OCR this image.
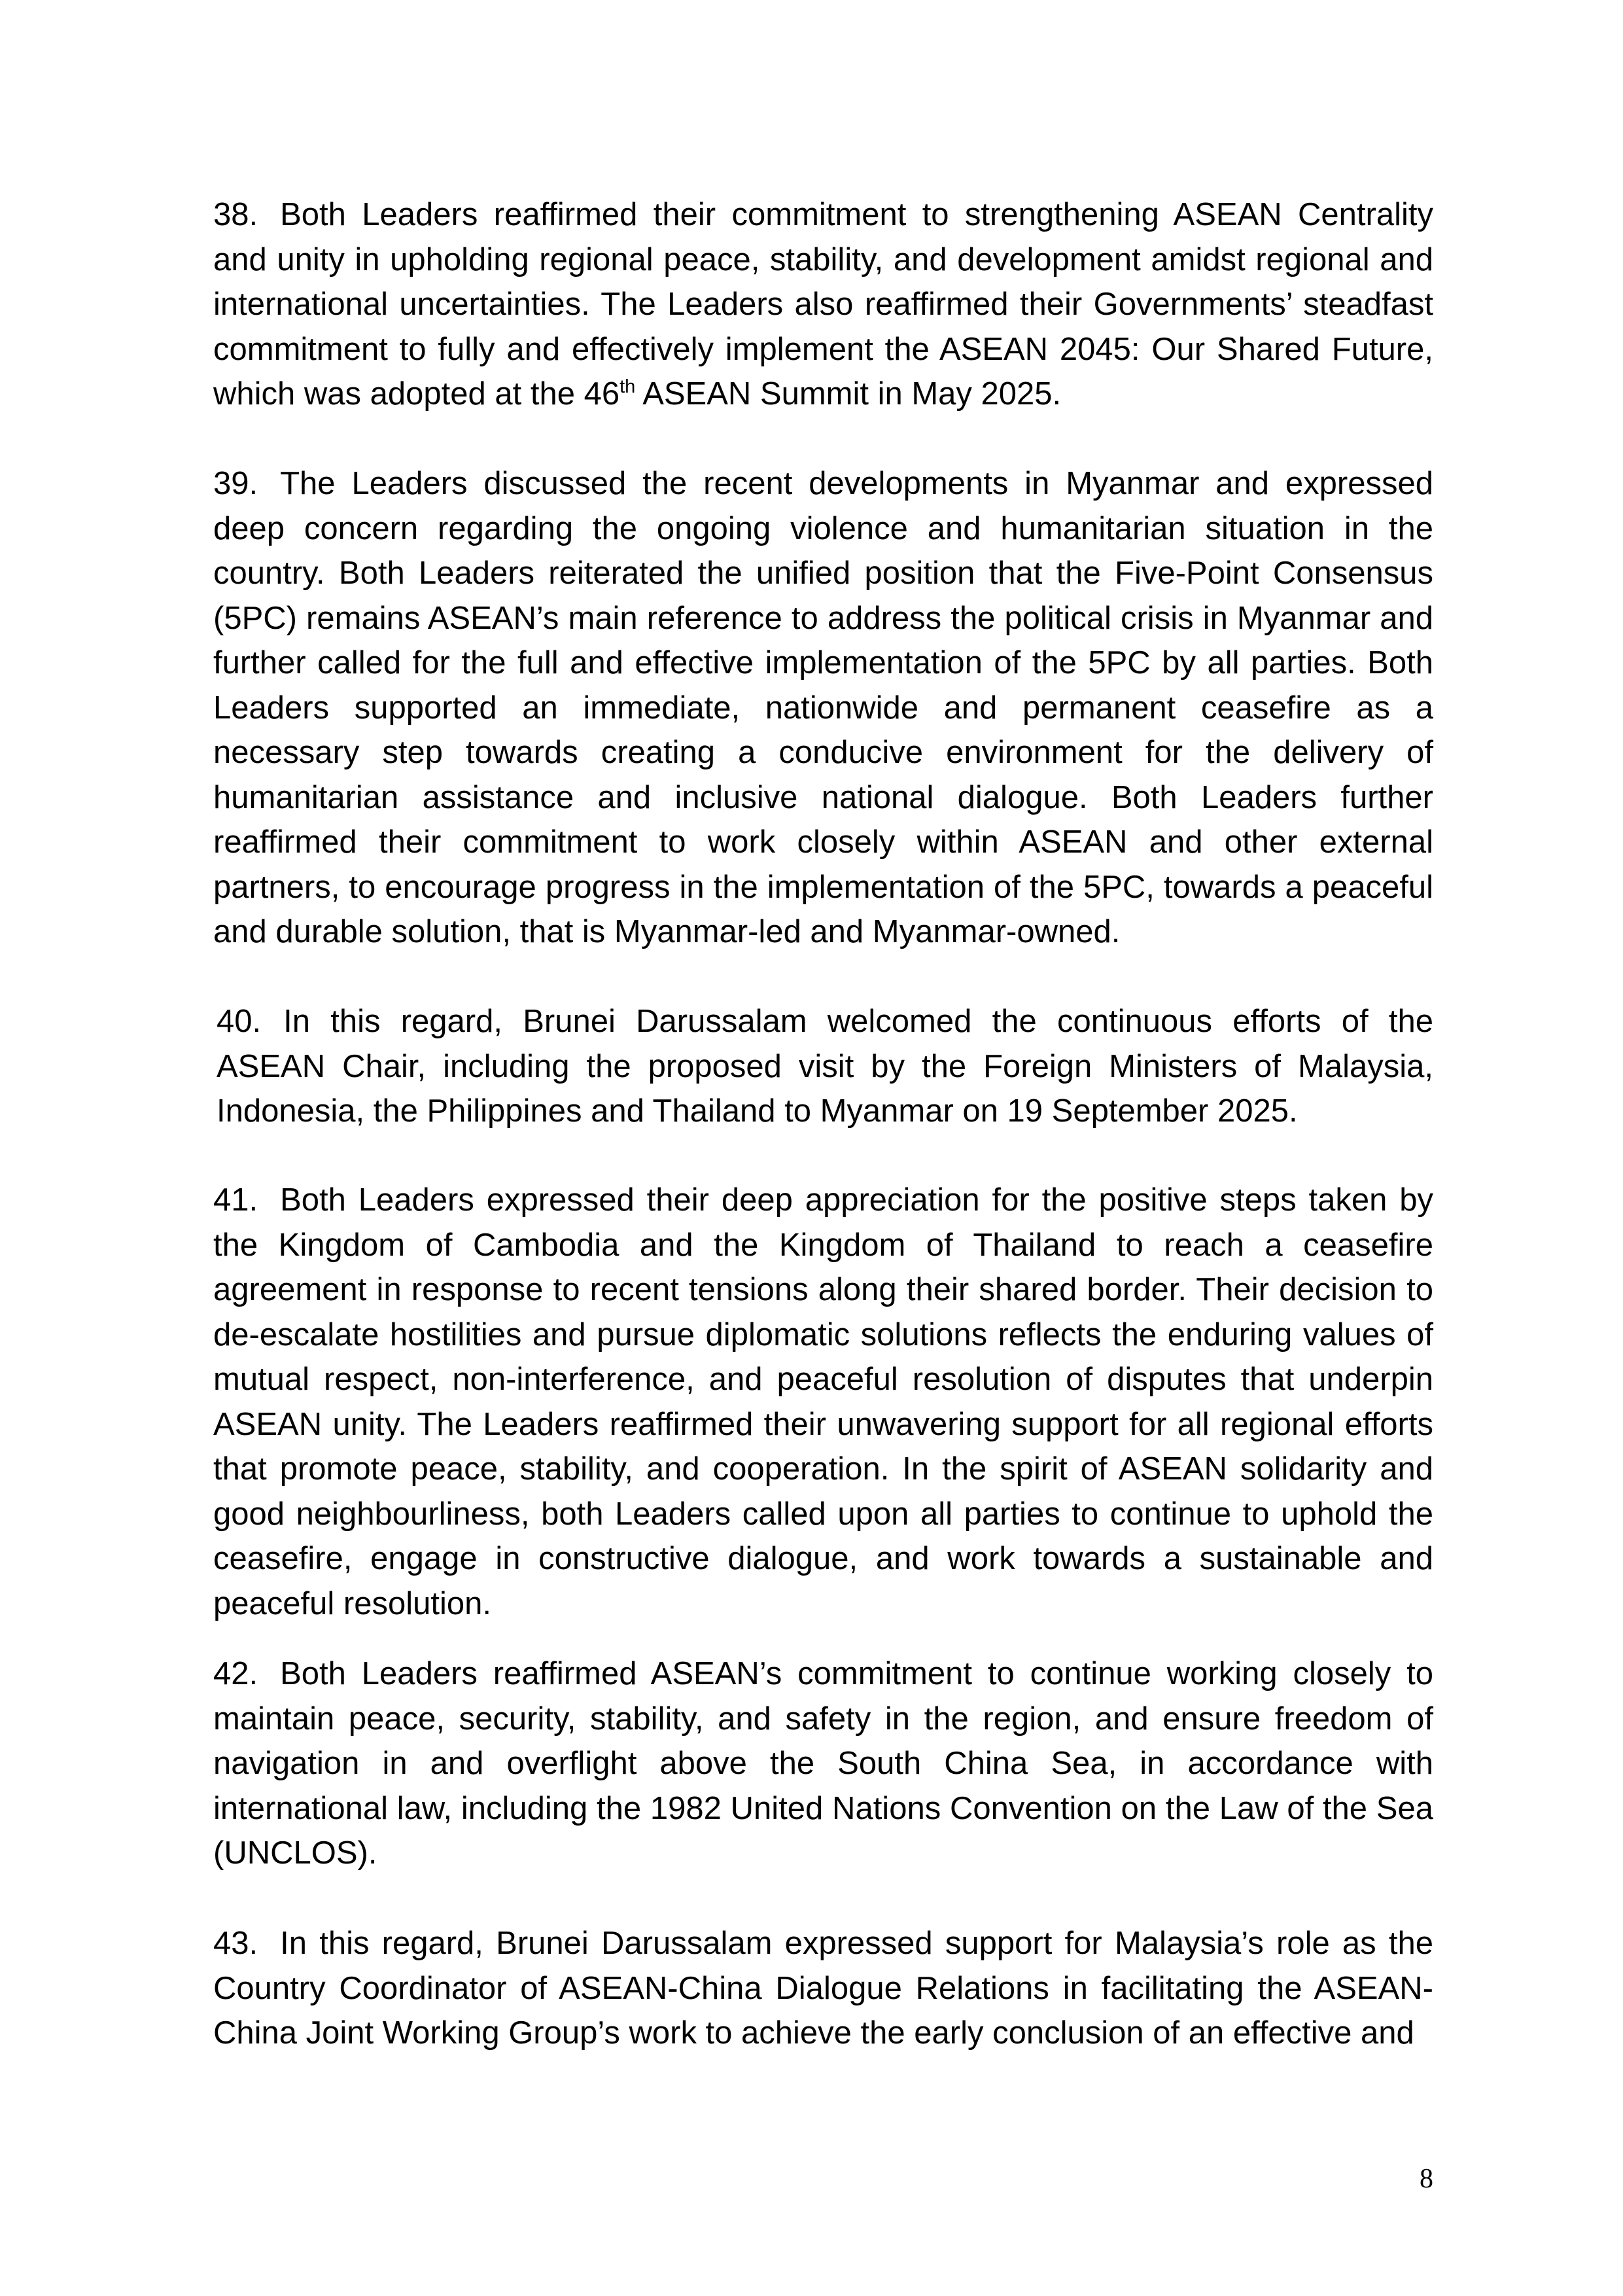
38. Both Leaders reaffirmed their commitment to strengthening ASEAN Centrality and unity in upholding regional peace, stability, and development amidst regional and international uncertainties. The Leaders also reaffirmed their Governments’ steadfast commitment to fully and effectively implement the ASEAN 2045: Our Shared Future, which was adopted at the 46th ASEAN Summit in May 2025.

39. The Leaders discussed the recent developments in Myanmar and expressed deep concern regarding the ongoing violence and humanitarian situation in the country. Both Leaders reiterated the unified position that the Five-Point Consensus (5PC) remains ASEAN’s main reference to address the political crisis in Myanmar and further called for the full and effective implementation of the 5PC by all parties. Both Leaders supported an immediate, nationwide and permanent ceasefire as a necessary step towards creating a conducive environment for the delivery of humanitarian assistance and inclusive national dialogue. Both Leaders further reaffirmed their commitment to work closely within ASEAN and other external partners, to encourage progress in the implementation of the 5PC, towards a peaceful and durable solution, that is Myanmar-led and Myanmar-owned.

40. In this regard, Brunei Darussalam welcomed the continuous efforts of the ASEAN Chair, including the proposed visit by the Foreign Ministers of Malaysia, Indonesia, the Philippines and Thailand to Myanmar on 19 September 2025.

41. Both Leaders expressed their deep appreciation for the positive steps taken by the Kingdom of Cambodia and the Kingdom of Thailand to reach a ceasefire agreement in response to recent tensions along their shared border. Their decision to de-escalate hostilities and pursue diplomatic solutions reflects the enduring values of mutual respect, non-interference, and peaceful resolution of disputes that underpin ASEAN unity. The Leaders reaffirmed their unwavering support for all regional efforts that promote peace, stability, and cooperation. In the spirit of ASEAN solidarity and good neighbourliness, both Leaders called upon all parties to continue to uphold the ceasefire, engage in constructive dialogue, and work towards a sustainable and peaceful resolution.

42. Both Leaders reaffirmed ASEAN’s commitment to continue working closely to maintain peace, security, stability, and safety in the region, and ensure freedom of navigation in and overflight above the South China Sea, in accordance with international law, including the 1982 United Nations Convention on the Law of the Sea (UNCLOS).

43. In this regard, Brunei Darussalam expressed support for Malaysia’s role as the Country Coordinator of ASEAN-China Dialogue Relations in facilitating the ASEAN-China Joint Working Group’s work to achieve the early conclusion of an effective and

8
